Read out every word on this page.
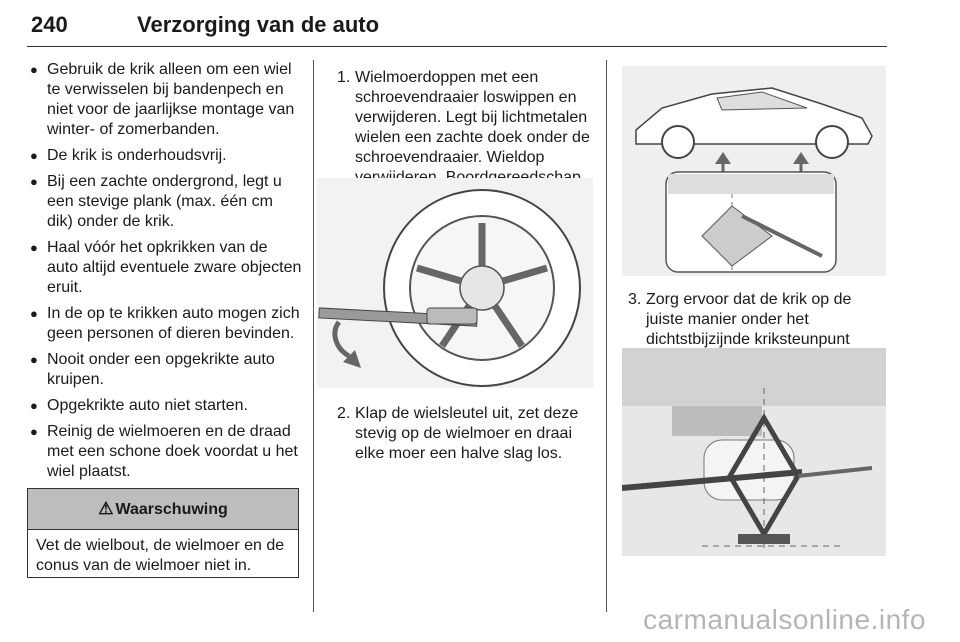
240	Verzorging van de auto
● Gebruik de krik alleen om een wiel te verwisselen bij bandenpech en niet voor de jaarlijkse montage van winter- of zomerbanden.
● De krik is onderhoudsvrij.
● Bij een zachte ondergrond, legt u een stevige plank (max. één cm dik) onder de krik.
● Haal vóór het opkrikken van de auto altijd eventuele zware objecten eruit.
● In de op te krikken auto mogen zich geen personen of dieren bevinden.
● Nooit onder een opgekrikte auto kruipen.
● Opgekrikte auto niet starten.
● Reinig de wielmoeren en de draad met een schone doek voordat u het wiel plaatst.
⚠ Waarschuwing
Vet de wielbout, de wielmoer en de conus van de wielmoer niet in.
1. Wielmoerdoppen met een schroevendraaier loswippen en verwijderen. Legt bij lichtmetalen wielen een zachte doek onder de schroevendraaier. Wieldop
2. Klap de wielsleutel uit, zet deze stevig op de wielmoer en draai elke moer een halve slag los.
3. Zorg ervoor dat de krik op de juiste manier onder het dichtstbijzijnde kriksteunpunt
carmanualsonline.info
